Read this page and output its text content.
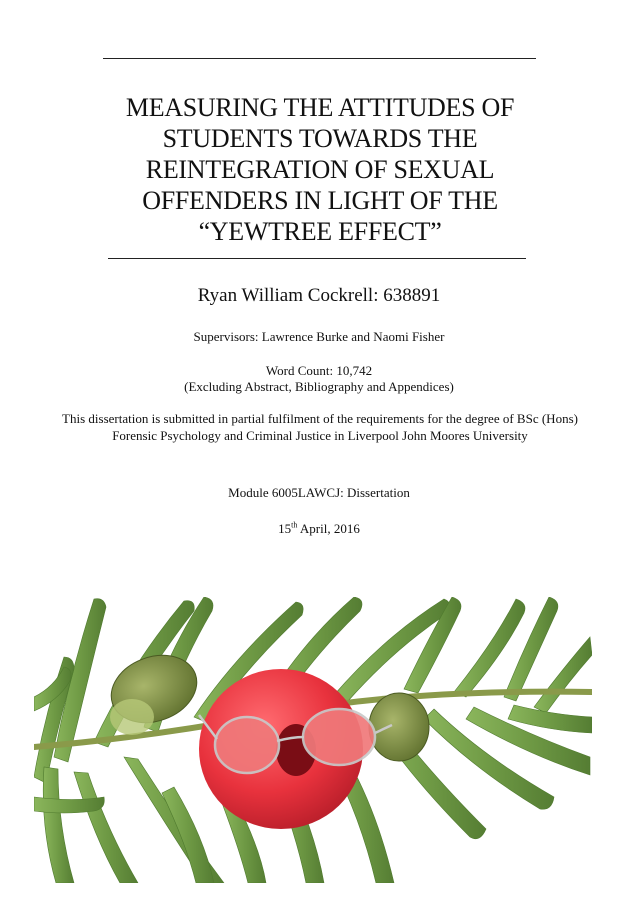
MEASURING THE ATTITUDES OF
STUDENTS TOWARDS THE
REINTEGRATION OF SEXUAL
OFFENDERS IN LIGHT OF THE
“YEWTREE EFFECT”
Ryan William Cockrell: 638891
Supervisors: Lawrence Burke and Naomi Fisher
Word Count: 10,742
(Excluding Abstract, Bibliography and Appendices)
This dissertation is submitted in partial fulfilment of the requirements for the degree of BSc (Hons) Forensic Psychology and Criminal Justice in Liverpool John Moores University
Module 6005LAWCJ: Dissertation
15th April, 2016
